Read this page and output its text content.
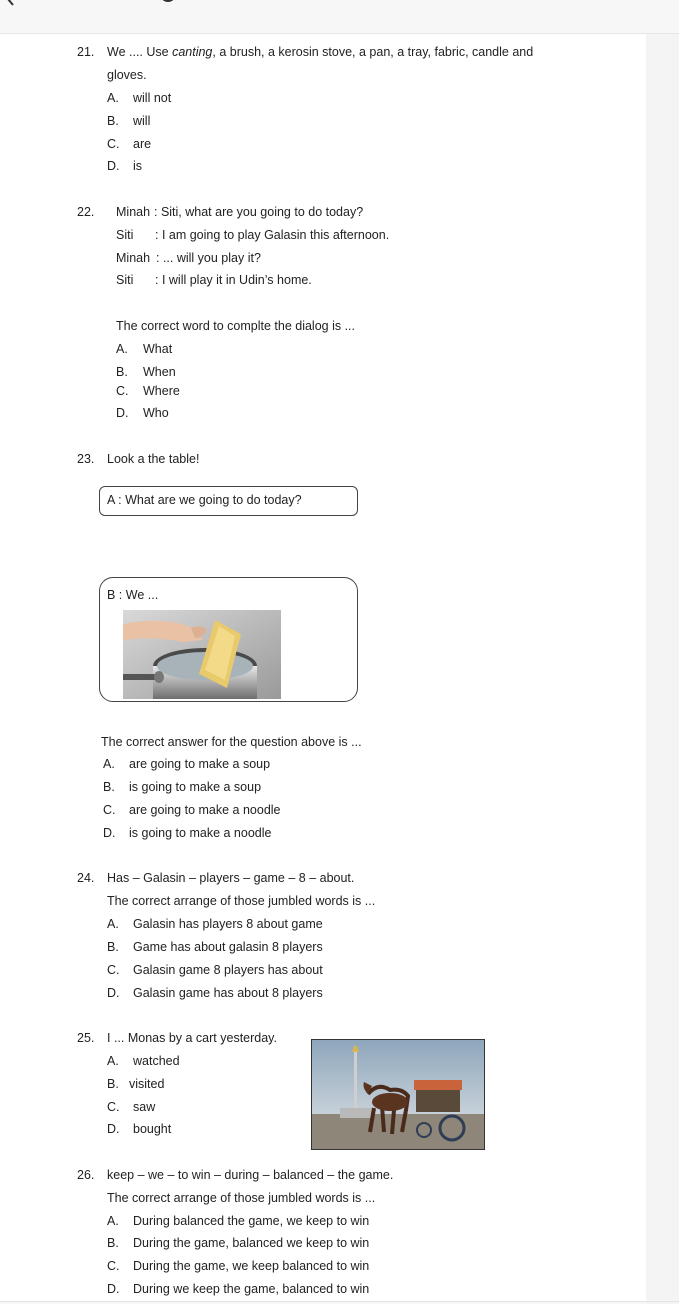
21. We .... Use canting, a brush, a kerosin stove, a pan, a tray, fabric, candle and
gloves.
A. will not
B. will
C. are
D. is
22. Minah : Siti, what are you going to do today?
Siti : I am going to play Galasin this afternoon.
Minah : ... will you play it?
Siti : I will play it in Udin’s home.
The correct word to complte the dialog is ...
A. What
B. When
C. Where
D. Who
23. Look a the table!
A : What are we going to do today?
B : We ...
The correct answer for the question above is ...
A. are going to make a soup
B. is going to make a soup
C. are going to make a noodle
D. is going to make a noodle
24. Has – Galasin – players – game – 8 – about.
The correct arrange of those jumbled words is ...
A. Galasin has players 8 about game
B. Game has about galasin 8 players
C. Galasin game 8 players has about
D. Galasin game has about 8 players
25. I ... Monas by a cart yesterday.
A. watched
B. visited
C. saw
D. bought
26. keep – we – to win – during – balanced – the game.
The correct arrange of those jumbled words is ...
A. During balanced the game, we keep to win
B. During the game, balanced we keep to win
C. During the game, we keep balanced to win
D. During we keep the game, balanced to win
